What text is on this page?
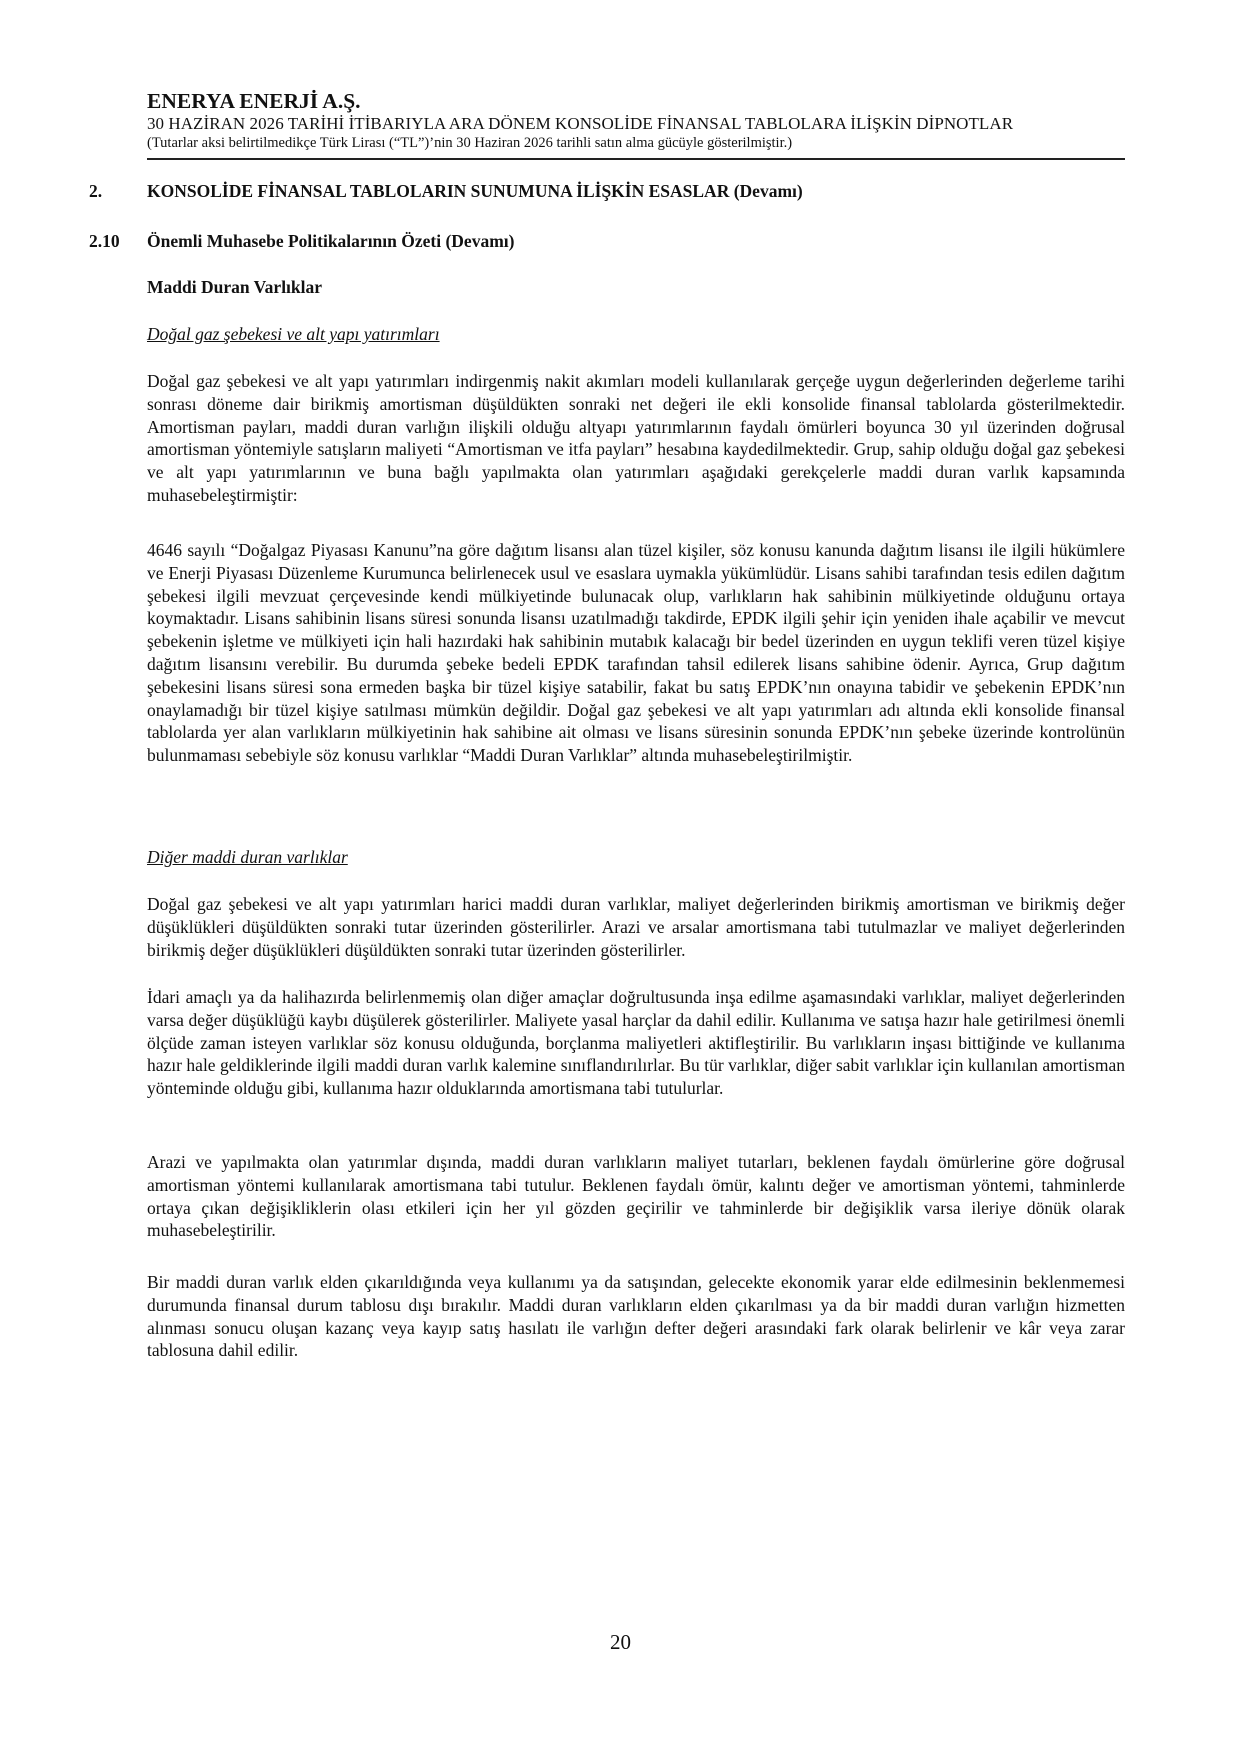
ENERYA ENERJİ A.Ş.
30 HAZİRAN 2026 TARİHİ İTİBARIYLA ARA DÖNEM KONSOLİDE FİNANSAL TABLOLARA İLİŞKİN DİPNOTLAR
(Tutarlar aksi belirtilmedikçe Türk Lirası (“TL”)’nin 30 Haziran 2026 tarihli satın alma gücüyle gösterilmiştir.)
2.	KONSOLİDE FİNANSAL TABLOLARIN SUNUMUNA İLİŞKİN ESASLAR (Devamı)
2.10 Önemli Muhasebe Politikalarının Özeti (Devamı)
Maddi Duran Varlıklar
Doğal gaz şebekesi ve alt yapı yatırımları
Doğal gaz şebekesi ve alt yapı yatırımları indirgenmiş nakit akımları modeli kullanılarak gerçeğe uygun değerlerinden değerleme tarihi sonrası döneme dair birikmiş amortisman düşüldükten sonraki net değeri ile ekli konsolide finansal tablolarda gösterilmektedir. Amortisman payları, maddi duran varlığın ilişkili olduğu altyapı yatırımlarının faydalı ömürleri boyunca 30 yıl üzerinden doğrusal amortisman yöntemiyle satışların maliyeti “Amortisman ve itfa payları” hesabına kaydedilmektedir. Grup, sahip olduğu doğal gaz şebekesi ve alt yapı yatırımlarının ve buna bağlı yapılmakta olan yatırımları aşağıdaki gerekçelerle maddi duran varlık kapsamında muhasebeleştirmiştir:
4646 sayılı “Doğalgaz Piyasası Kanunu”na göre dağıtım lisansı alan tüzel kişiler, söz konusu kanunda dağıtım lisansı ile ilgili hükümlere ve Enerji Piyasası Düzenleme Kurumunca belirlenecek usul ve esaslara uymakla yükümlüdür. Lisans sahibi tarafından tesis edilen dağıtım şebekesi ilgili mevzuat çerçevesinde kendi mülkiyetinde bulunacak olup, varlıkların hak sahibinin mülkiyetinde olduğunu ortaya koymaktadır. Lisans sahibinin lisans süresi sonunda lisansı uzatılmadığı takdirde, EPDK ilgili şehir için yeniden ihale açabilir ve mevcut şebekenin işletme ve mülkiyeti için hali hazırdaki hak sahibinin mutabık kalacağı bir bedel üzerinden en uygun teklifi veren tüzel kişiye dağıtım lisansını verebilir. Bu durumda şebeke bedeli EPDK tarafından tahsil edilerek lisans sahibine ödenir. Ayrıca, Grup dağıtım şebekesini lisans süresi sona ermeden başka bir tüzel kişiye satabilir, fakat bu satış EPDK’nın onayına tabidir ve şebekenin EPDK’nın onaylamadığı bir tüzel kişiye satılması mümkün değildir. Doğal gaz şebekesi ve alt yapı yatırımları adı altında ekli konsolide finansal tablolarda yer alan varlıkların mülkiyetinin hak sahibine ait olması ve lisans süresinin sonunda EPDK’nın şebeke üzerinde kontrolünün bulunmaması sebebiyle söz konusu varlıklar “Maddi Duran Varlıklar” altında muhasebeleştirilmiştir.
Diğer maddi duran varlıklar
Doğal gaz şebekesi ve alt yapı yatırımları harici maddi duran varlıklar, maliyet değerlerinden birikmiş amortisman ve birikmiş değer düşüklükleri düşüldükten sonraki tutar üzerinden gösterilirler. Arazi ve arsalar amortismana tabi tutulmazlar ve maliyet değerlerinden birikmiş değer düşüklükleri düşüldükten sonraki tutar üzerinden gösterilirler.
İdari amaçlı ya da halihazırda belirlenmemiş olan diğer amaçlar doğrultusunda inşa edilme aşamasındaki varlıklar, maliyet değerlerinden varsa değer düşüklüğü kaybı düşülerek gösterilirler. Maliyete yasal harçlar da dahil edilir. Kullanıma ve satışa hazır hale getirilmesi önemli ölçüde zaman isteyen varlıklar söz konusu olduğunda, borçlanma maliyetleri aktifleştirilir. Bu varlıkların inşası bittiğinde ve kullanıma hazır hale geldiklerinde ilgili maddi duran varlık kalemine sınıflandırılırlar. Bu tür varlıklar, diğer sabit varlıklar için kullanılan amortisman yönteminde olduğu gibi, kullanıma hazır olduklarında amortismana tabi tutulurlar.
Arazi ve yapılmakta olan yatırımlar dışında, maddi duran varlıkların maliyet tutarları, beklenen faydalı ömürlerine göre doğrusal amortisman yöntemi kullanılarak amortismana tabi tutulur. Beklenen faydalı ömür, kalıntı değer ve amortisman yöntemi, tahminlerde ortaya çıkan değişikliklerin olası etkileri için her yıl gözden geçirilir ve tahminlerde bir değişiklik varsa ileriye dönük olarak muhasebeleştirilir.
Bir maddi duran varlık elden çıkarıldığında veya kullanımı ya da satışından, gelecekte ekonomik yarar elde edilmesinin beklenmemesi durumunda finansal durum tablosu dışı bırakılır. Maddi duran varlıkların elden çıkarılması ya da bir maddi duran varlığın hizmetten alınması sonucu oluşan kazanç veya kayıp satış hasılatı ile varlığın defter değeri arasındaki fark olarak belirlenir ve kâr veya zarar tablosuna dahil edilir.
20
